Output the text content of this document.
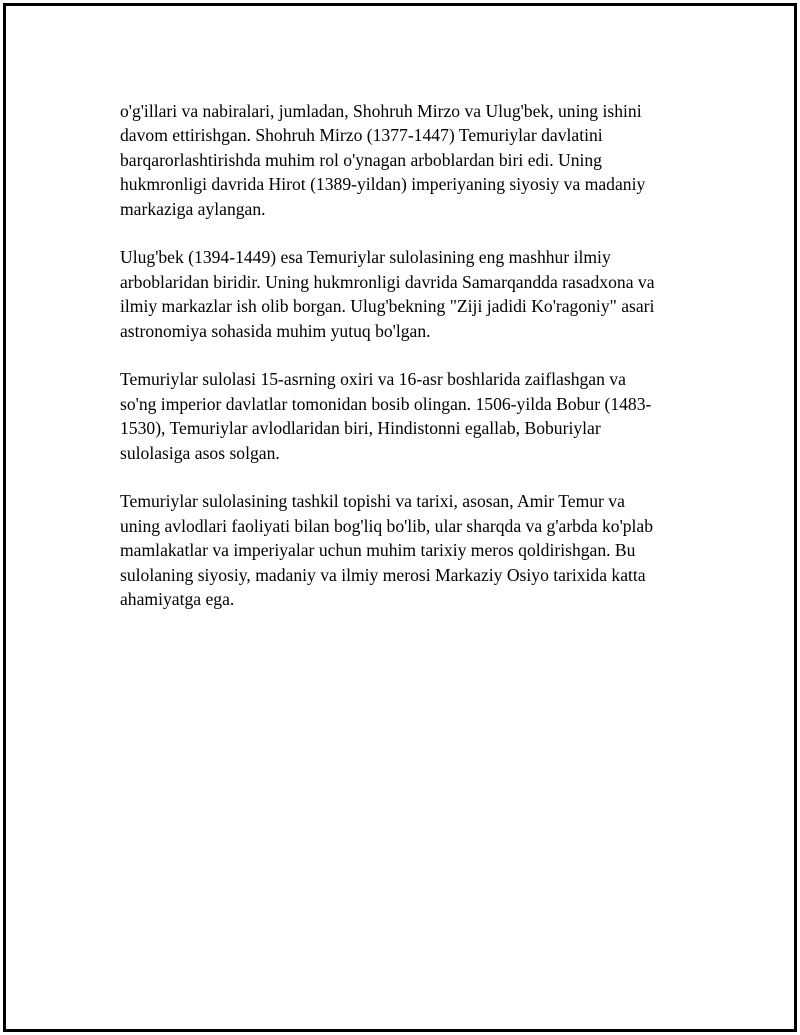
o'g'illari va nabiralari, jumladan, Shohruh Mirzo va Ulug'bek, uning ishini
davom ettirishgan. Shohruh Mirzo (1377-1447) Temuriylar davlatini
barqarorlashtirishda muhim rol o'ynagan arboblardan biri edi. Uning
hukmronligi davrida Hirot (1389-yildan) imperiyaning siyosiy va madaniy
markaziga aylangan.

Ulug'bek (1394-1449) esa Temuriylar sulolasining eng mashhur ilmiy
arboblaridan biridir. Uning hukmronligi davrida Samarqandda rasadxona va
ilmiy markazlar ish olib borgan. Ulug'bekning "Ziji jadidi Ko'ragoniy" asari
astronomiya sohasida muhim yutuq bo'lgan.

Temuriylar sulolasi 15-asrning oxiri va 16-asr boshlarida zaiflashgan va
so'ng imperior davlatlar tomonidan bosib olingan. 1506-yilda Bobur (1483-
1530), Temuriylar avlodlaridan biri, Hindistonni egallab, Boburiylar
sulolasiga asos solgan.

Temuriylar sulolasining tashkil topishi va tarixi, asosan, Amir Temur va
uning avlodlari faoliyati bilan bog'liq bo'lib, ular sharqda va g'arbda ko'plab
mamlakatlar va imperiyalar uchun muhim tarixiy meros qoldirishgan. Bu
sulolaning siyosiy, madaniy va ilmiy merosi Markaziy Osiyo tarixida katta
ahamiyatga ega.
